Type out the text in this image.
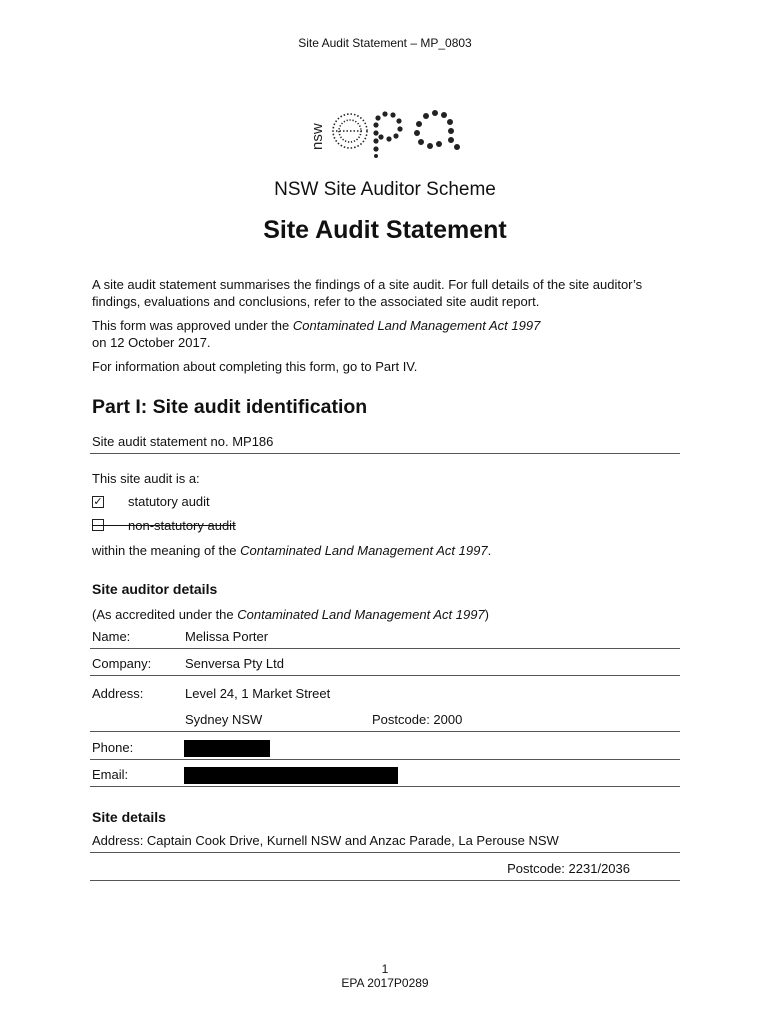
Site Audit Statement – MP_0803
nsw
NSW Site Auditor Scheme
Site Audit Statement
A site audit statement summarises the findings of a site audit. For full details of the site auditor’s findings, evaluations and conclusions, refer to the associated site audit report.
This form was approved under the Contaminated Land Management Act 1997
on 12 October 2017.
For information about completing this form, go to Part IV.
Part I: Site audit identification
Site audit statement no. MP186
This site audit is a:
✓ statutory audit
non-statutory audit
within the meaning of the Contaminated Land Management Act 1997.
Site auditor details
(As accredited under the Contaminated Land Management Act 1997)
Name:	Melissa Porter
Company:	Senversa Pty Ltd
Address:	Level 24, 1 Market Street
Sydney NSW	Postcode: 2000
Phone:
Email:
Site details
Address: Captain Cook Drive, Kurnell NSW and Anzac Parade, La Perouse NSW
Postcode: 2231/2036
1
EPA 2017P0289
